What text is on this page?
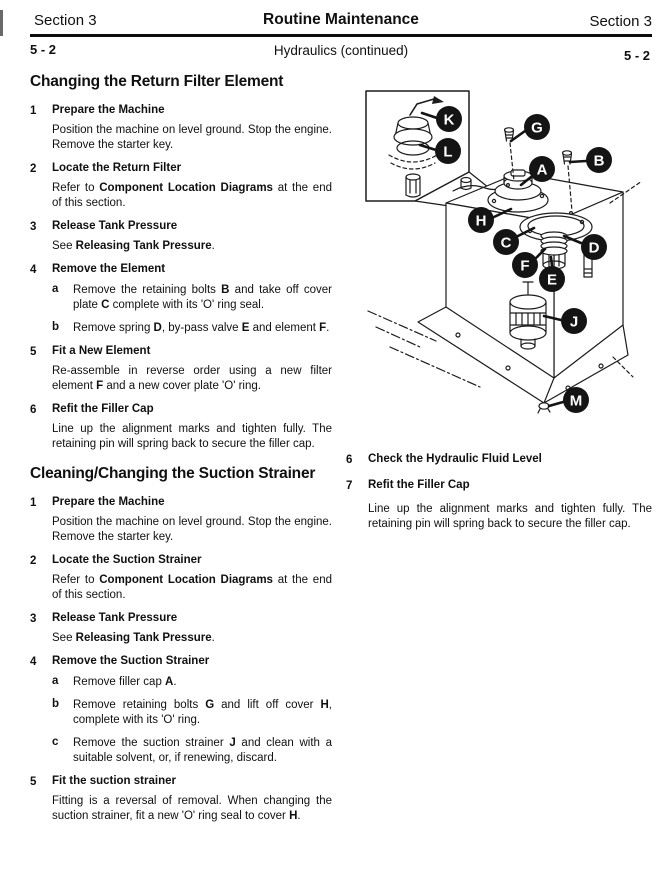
Section 3	Routine Maintenance	Section 3
5 - 2	Hydraulics (continued)	5 - 2
Changing the Return Filter Element
1	Prepare the Machine

Position the machine on level ground. Stop the engine. Remove the starter key.

2	Locate the Return Filter

Refer to Component Location Diagrams at the end of this section.

3	Release Tank Pressure

See Releasing Tank Pressure.

4	Remove the Element
a	Remove the retaining bolts B and take off cover plate C complete with its 'O' ring seal.

b	Remove spring D, by-pass valve E and element F.

5	Fit a New Element

Re-assemble in reverse order using a new filter element F and a new cover plate 'O' ring.

6	Refit the Filler Cap

Line up the alignment marks and tighten fully. The retaining pin will spring back to secure the filler cap.

Cleaning/Changing the Suction Strainer
1	Prepare the Machine

Position the machine on level ground. Stop the engine. Remove the starter key.

2	Locate the Suction Strainer

Refer to Component Location Diagrams at the end of this section.

3	Release Tank Pressure

See Releasing Tank Pressure.

4	Remove the Suction Strainer
a	Remove filler cap A.

b	Remove retaining bolts G and lift off cover H, complete with its 'O' ring.

c	Remove the suction strainer J and clean with a suitable solvent, or, if renewing, discard.

5	Fit the suction strainer

Fitting is a reversal of removal. When changing the suction strainer, fit a new 'O' ring seal to cover H.

K
L
G
B
A
H
C	D
F
E
J
M
6	Check the Hydraulic Fluid Level
7	Refit the Filler Cap

Line up the alignment marks and tighten fully. The retaining pin will spring back to secure the filler cap.
